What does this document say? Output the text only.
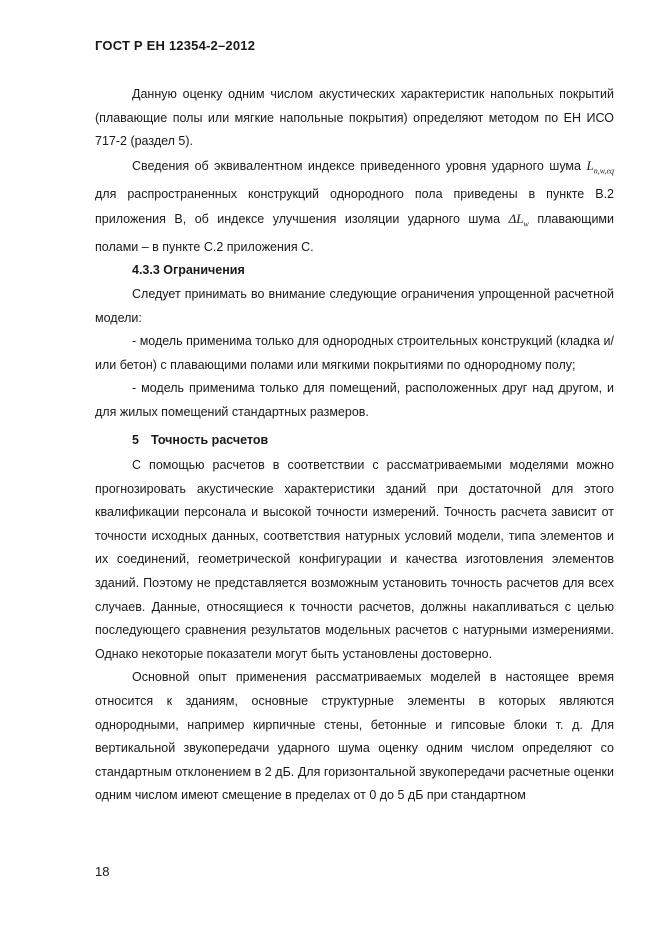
ГОСТ Р ЕН 12354-2–2012

Данную оценку одним числом акустических характеристик напольных покрытий (плавающие полы или мягкие напольные покрытия) определяют методом по ЕН ИСО 717-2 (раздел 5).

Сведения об эквивалентном индексе приведенного уровня ударного шума $L_{n,w,eq}$ для распространенных конструкций однородного пола приведены в пункте В.2 приложения В, об индексе улучшения изоляции ударного шума $\Delta L_w$ плавающими полами – в пункте С.2 приложения С.

4.3.3 Ограничения

Следует принимать во внимание следующие ограничения упрощенной расчетной модели:

- модель применима только для однородных строительных конструкций (кладка и/или бетон) с плавающими полами или мягкими покрытиями по однородному полу;

- модель применима только для помещений, расположенных друг над другом, и для жилых помещений стандартных размеров.

5 Точность расчетов

С помощью расчетов в соответствии с рассматриваемыми моделями можно прогнозировать акустические характеристики зданий при достаточной для этого квалификации персонала и высокой точности измерений. Точность расчета зависит от точности исходных данных, соответствия натурных условий модели, типа элементов и их соединений, геометрической конфигурации и качества изготовления элементов зданий. Поэтому не представляется возможным установить точность расчетов для всех случаев. Данные, относящиеся к точности расчетов, должны накапливаться с целью последующего сравнения результатов модельных расчетов с натурными измерениями. Однако некоторые показатели могут быть установлены достоверно.

Основной опыт применения рассматриваемых моделей в настоящее время относится к зданиям, основные структурные элементы в которых являются однородными, например кирпичные стены, бетонные и гипсовые блоки т. д. Для вертикальной звукопередачи ударного шума оценку одним числом определяют со стандартным отклонением в 2 дБ. Для горизонтальной звукопередачи расчетные оценки одним числом имеют смещение в пределах от 0 до 5 дБ при стандартном

18
